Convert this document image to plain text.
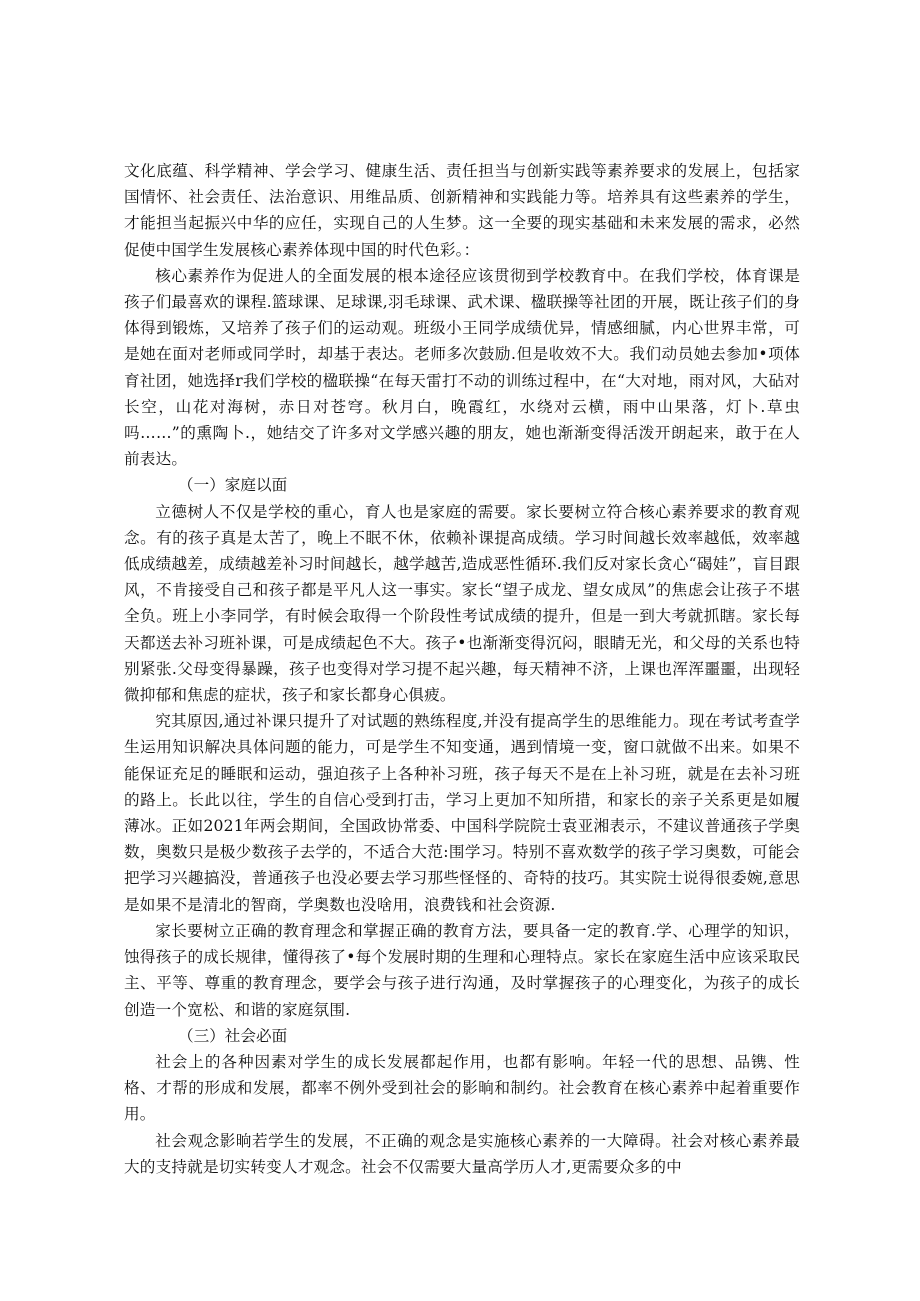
文化底蕴、科学精神、学会学习、健康生活、责任担当与创新实践等素养要求的发展上，包括家国情怀、社会责任、法治意识、用维品质、创新精神和实践能力等。培养具有这些素养的学生，才能担当起振兴中华的应任，实现自己的人生梦。这一全要的现实基础和未来发展的需求，必然促使中国学生发展核心素养体现中国的时代色彩。：

核心素养作为促进人的全面发展的根本途径应该贯彻到学校教育中。在我们学校，体育课是孩子们最喜欢的课程.篮球课、足球课,羽毛球课、武术课、楹联操等社团的开展，既让孩子们的身体得到锻炼，又培养了孩子们的运动观。班级小王同学成绩优异，情感细腻，内心世界丰常，可是她在面对老师或同学时，却基于表达。老师多次鼓励.但是收效不大。我们动员她去参加•项体育社团，她选择r我们学校的楹联操“在每天雷打不动的训练过程中，在“大对地，雨对风，大砧对长空，山花对海树，赤日对苍穹。秋月白，晚霞红，水绕对云横，雨中山果落，灯卜.草虫吗……”的熏陶卜.，她结交了许多对文学感兴趣的朋友，她也渐渐变得活泼开朗起来，敢于在人前表达。

（一）家庭以面

立德树人不仅是学校的重心，育人也是家庭的需要。家长要树立符合核心素养要求的教育观念。有的孩子真是太苦了，晚上不眠不休，依赖补课提高成绩。学习时间越长效率越低，效率越低成绩越差，成绩越差补习时间越长，越学越苦,造成恶性循环.我们反对家长贪心“碣娃”，盲目跟风，不肯接受自己和孩子都是平凡人这一事实。家长“望子成龙、望女成凤”的焦虑会让孩子不堪全负。班上小李同学，有时候会取得一个阶段性考试成绩的提升，但是一到大考就抓瞎。家长每天都送去补习班补课，可是成绩起色不大。孩子•也渐渐变得沉闷，眼睛无光，和父母的关系也特别紧张.父母变得暴躁，孩子也变得对学习提不起兴趣，每天精神不济，上课也浑浑噩噩，出现轻微抑郁和焦虑的症状，孩子和家长都身心俱疲。

究其原因,通过补课只提升了对试题的熟练程度,并没有提高学生的思维能力。现在考试考查学生运用知识解决具体问题的能力，可是学生不知变通，遇到情境一变，窗口就做不出来。如果不能保证充足的睡眠和运动，强迫孩子上各种补习班，孩子每天不是在上补习班，就是在去补习班的路上。长此以往，学生的自信心受到打击，学习上更加不知所措，和家长的亲子关系更是如履薄冰。正如2021年两会期间，全国政协常委、中国科学院院士袁亚湘表示，不建议普通孩子学奥数，奥数只是极少数孩子去学的，不适合大范:围学习。特别不喜欢数学的孩子学习奥数，可能会把学习兴趣搞没，普通孩子也没必要去学习那些怪怪的、奇特的技巧。其实院士说得很委婉,意思是如果不是清北的智商，学奥数也没啥用，浪费钱和社会资源.

家长要树立正确的教育理念和掌握正确的教育方法，要具备一定的教育.学、心理学的知识，蚀得孩子的成长规律，懂得孩了•每个发展时期的生理和心理特点。家长在家庭生活中应该采取民主、平等、尊重的教育理念，要学会与孩子进行沟通，及时掌握孩子的心理变化，为孩子的成长创造一个宽松、和谐的家庭氛围.

（三）社会必面

社会上的各种因素对学生的成长发展都起作用，也都有影响。年轻一代的思想、品镌、性格、才帮的形成和发展，都率不例外受到社会的影晌和制约。社会教育在核心素养中起着重要作用。

社会观念影晌若学生的发展，不正确的观念是实施核心素养的一大障碍。社会对核心素养最大的支持就是切实转变人才观念。社会不仅需要大量高学历人才,更需要众多的中
